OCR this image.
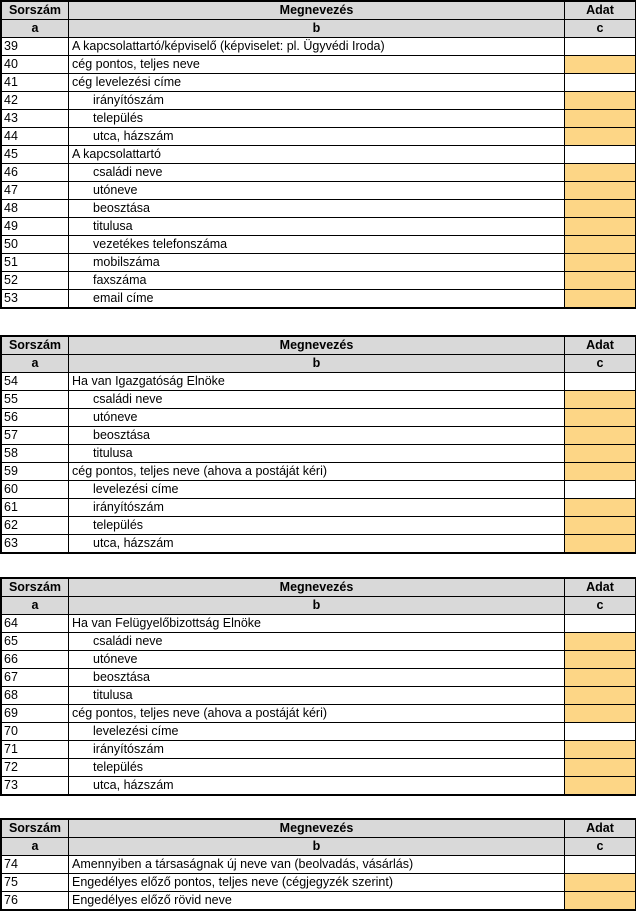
Sorszám	Megnevezés	Adat
a	b	c
39	A kapcsolattartó/képviselő (képviselet: pl. Ügyvédi Iroda)	
40	cég pontos, teljes neve	
41	cég levelezési címe	
42	irányítószám	
43	település	
44	utca, házszám	
45	A kapcsolattartó	
46	családi neve	
47	utóneve	
48	beosztása	
49	titulusa	
50	vezetékes telefonszáma	
51	mobilszáma	
52	faxszáma	
53	email címe	
Sorszám	Megnevezés	Adat
a	b	c
54	Ha van Igazgatóság Elnöke	
55	családi neve	
56	utóneve	
57	beosztása	
58	titulusa	
59	cég pontos, teljes neve (ahova a postáját kéri)	
60	levelezési címe	
61	irányítószám	
62	település	
63	utca, házszám	
Sorszám	Megnevezés	Adat
a	b	c
64	Ha van Felügyelőbizottság Elnöke	
65	családi neve	
66	utóneve	
67	beosztása	
68	titulusa	
69	cég pontos, teljes neve (ahova a postáját kéri)	
70	levelezési címe	
71	irányítószám	
72	település	
73	utca, házszám	
Sorszám	Megnevezés	Adat
a	b	c
74	Amennyiben a társaságnak új neve van (beolvadás, vásárlás)	
75	Engedélyes előző pontos, teljes neve (cégjegyzék szerint)	
76	Engedélyes előző rövid neve	
